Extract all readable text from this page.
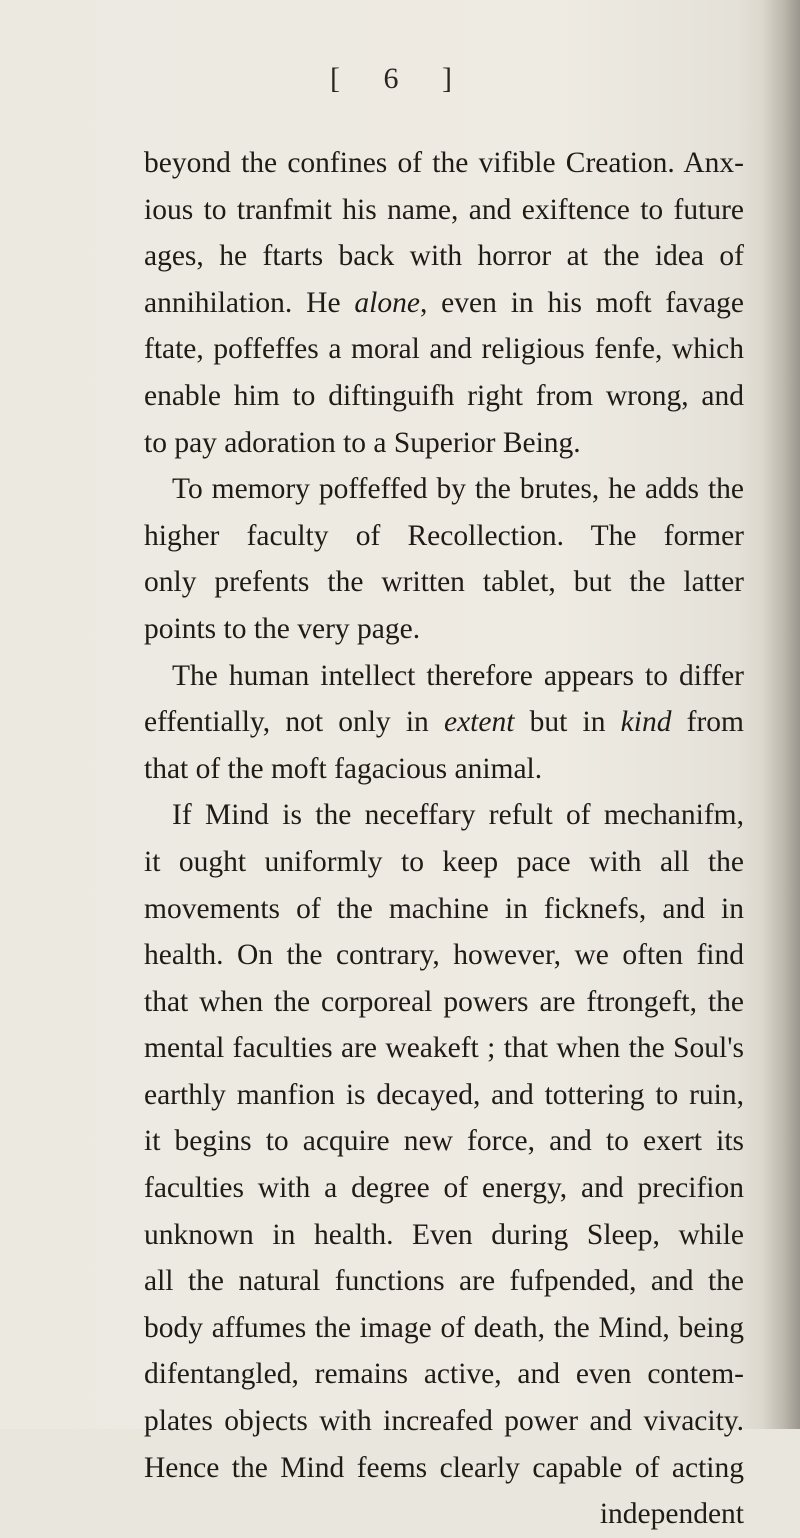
[ 6 ]
beyond the confines of the vifible Creation. Anx-
ious to tranfmit his name, and exiftence to future
ages, he ftarts back with horror at the idea of
annihilation. He alone, even in his moft favage
ftate, poffeffes a moral and religious fenfe, which
enable him to diftinguifh right from wrong, and
to pay adoration to a Superior Being.
To memory poffeffed by the brutes, he adds the
higher faculty of Recollection. The former
only prefents the written tablet, but the latter
points to the very page.
The human intellect therefore appears to differ
effentially, not only in extent but in kind from
that of the moft fagacious animal.
If Mind is the neceffary refult of mechanifm,
it ought uniformly to keep pace with all the
movements of the machine in ficknefs, and in
health. On the contrary, however, we often find
that when the corporeal powers are ftrongeft, the
mental faculties are weakeft ; that when the Soul's
earthly manfion is decayed, and tottering to ruin,
it begins to acquire new force, and to exert its
faculties with a degree of energy, and precifion
unknown in health. Even during Sleep, while
all the natural functions are fufpended, and the
body affumes the image of death, the Mind, being
difentangled, remains active, and even contem-
plates objects with increafed power and vivacity.
Hence the Mind feems clearly capable of acting
independent
